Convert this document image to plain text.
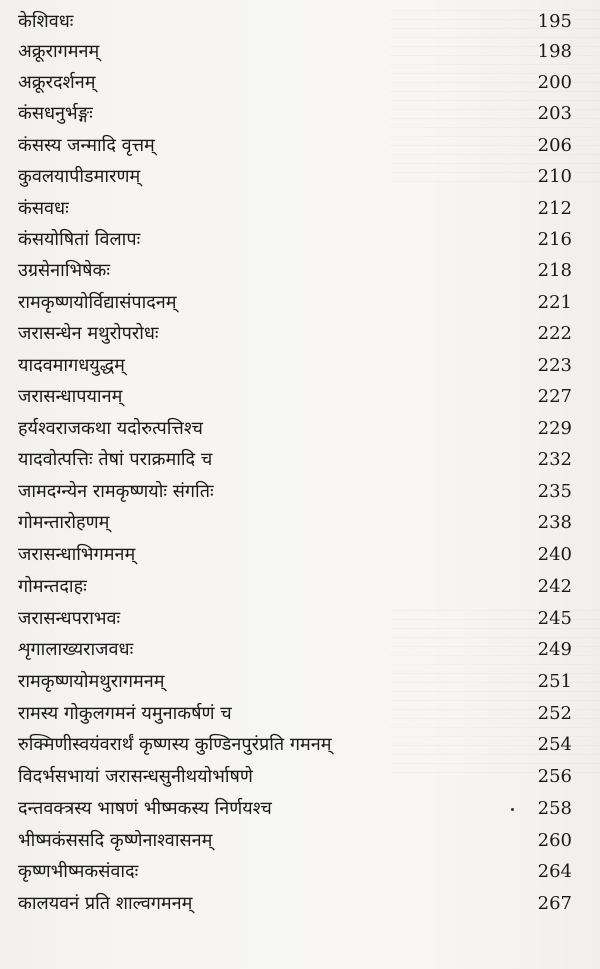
केशिवधः	195
अक्रूरागमनम्	198
अक्रूरदर्शनम्	200
कंसधनुर्भङ्गः	203
कंसस्य जन्मादि वृत्तम्	206
कुवलयापीडमारणम्	210
कंसवधः	212
कंसयोषितां विलापः	216
उग्रसेनाभिषेकः	218
रामकृष्णयोर्विद्यासंपादनम्	221
जरासन्धेन मथुरोपरोधः	222
यादवमागधयुद्धम्	223
जरासन्धापयानम्	227
हर्यश्वराजकथा यदोरुत्पत्तिश्च	229
यादवोत्पत्तिः तेषां पराक्रमादि च	232
जामदग्न्येन रामकृष्णयोः संगतिः	235
गोमन्तारोहणम्	238
जरासन्धाभिगमनम्	240
गोमन्तदाहः	242
जरासन्धपराभवः	245
शृगालाख्यराजवधः	249
रामकृष्णयोमथुरागमनम्	251
रामस्य गोकुलगमनं यमुनाकर्षणं च	252
रुक्मिणीस्वयंवरार्थं कृष्णस्य कुण्डिनपुरंप्रति गमनम्	254
विदर्भसभायां जरासन्धसुनीथयोर्भाषणे	256
दन्तवक्त्रस्य भाषणं भीष्मकस्य निर्णयश्च	258
भीष्मकंससदि कृष्णेनाश्वासनम्	260
कृष्णभीष्मकसंवादः	264
कालयवनं प्रति शाल्वगमनम्	267
